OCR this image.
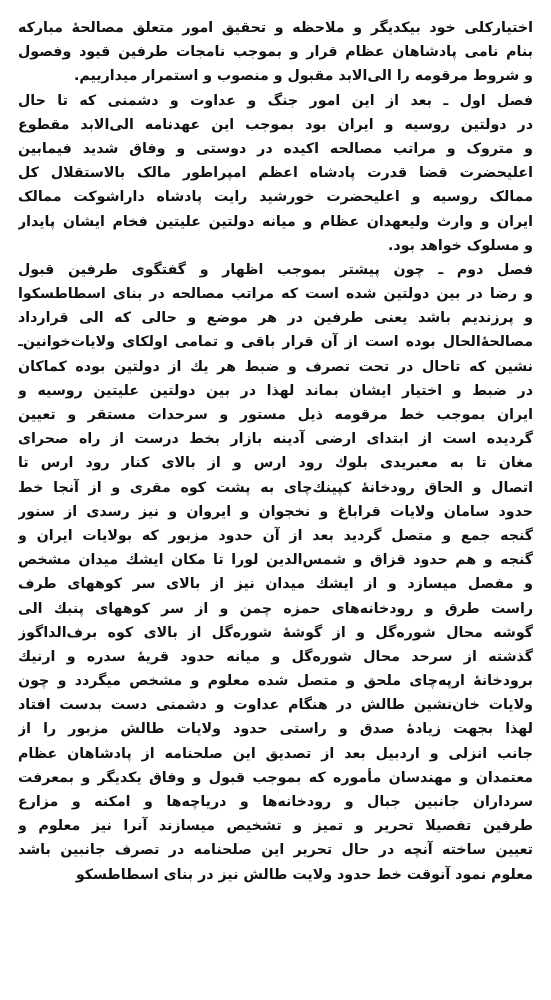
اختیارکلی خود بیکدیگر و ملاحظه و تحقیق امور متعلق مصالحهٔ مبارکه
بنام نامی پادشاهان عظام قرار و بموجب نامجات طرفین قیود وفصول
و شروط مرقومه را الی‌الابد مقبول و منصوب و استمرار میدارییم.
فصل اول ـ بعد از این امور جنگ و عداوت و دشمنی که تا حال
در دولتین روسیه و ایران بود بموجب این عهدنامه الی‌الابد مقطوع
و متروک و مراتب مصالحه اکیده در دوستی و وفاق شدید فیمابین
اعلیحضرت قضا قدرت پادشاه اعظم امپراطور مالک بالاستقلال کل
ممالک روسیه و اعلیحضرت خورشید رایت پادشاه داراشوکت ممالک
ایران و وارث ولیعهدان عظام و میانه دولتین علیتین فخام ایشان پایدار
و مسلوک خواهد بود.
فصل دوم ـ چون پیشتر بموجب اظهار و گفتگوی طرفین قبول
و رضا در بین دولتین شده است که مراتب مصالحه در بنای اسطاطسکوا
و پرزندیم باشد یعنی طرفین در هر موضع و حالی که الی قرارداد
مصالحهٔ‌الحال بوده است از آن قرار باقی و تمامی اولکای ولایات‌خوانین‌ـ
نشین که تاحال در تحت تصرف و ضبط هر یك از دولتین بوده کماکان
در ضبط و اختیار ایشان بماند لهذا در بین دولتین علیتین روسیه و
ایران بموجب خط مرقومه ذیل مستور و سرحدات مستقر و تعیین
گردیده است از ابتدای ارضی آدینه بازار بخط درست از راه صحرای
مغان تا به معبریدی بلوك رود ارس و از بالای کنار رود ارس تا
اتصال و الحاق رودخانهٔ کپینك‌چای به پشت کوه مقری و از آنجا خط
حدود سامان ولایات قراباغ و نخجوان و ایروان و نیز رسدی از سنور
گنجه جمع و متصل گردید بعد از آن حدود مزبور که بولایات ایران و
گنجه و هم حدود قزاق و شمس‌الدین لورا تا مکان ایشك میدان مشخص
و مفصل میسازد و از ایشك میدان نیز از بالای سر کوههای طرف
راست طرق و رودخانه‌های حمزه چمن و از سر کوههای پنبك الی
گوشه محال شوره‌گل و از گوشهٔ شوره‌گل از بالای کوه برف‌الداگوز
گذشته از سرحد محال شوره‌گل و میانه حدود قریهٔ سدره و ارنیك
برودخانهٔ ارپه‌چای ملحق و متصل شده معلوم و مشخص میگردد و چون
ولایات خان‌نشین طالش در هنگام عداوت و دشمنی دست بدست افتاد
لهذا بجهت زیادهٔ صدق و راستی حدود ولایات طالش مزبور را از
جانب انزلی و اردبیل بعد از تصدیق این صلحنامه از پادشاهان عظام
معتمدان و مهندسان مأموره که بموجب قبول و وفاق یکدیگر و بمعرفت
سرداران جانبین جبال و رودخانه‌ها و دریاچه‌ها و امکنه و مزارع
طرفین تفصیلا تحریر و تمیز و تشخیص میسازند آنرا نیز معلوم و
تعیین ساخته آنچه در حال تحریر این صلحنامه در تصرف جانبین باشد
معلوم نمود آنوقت خط حدود ولایت طالش نیز در بنای اسطاطسکو
